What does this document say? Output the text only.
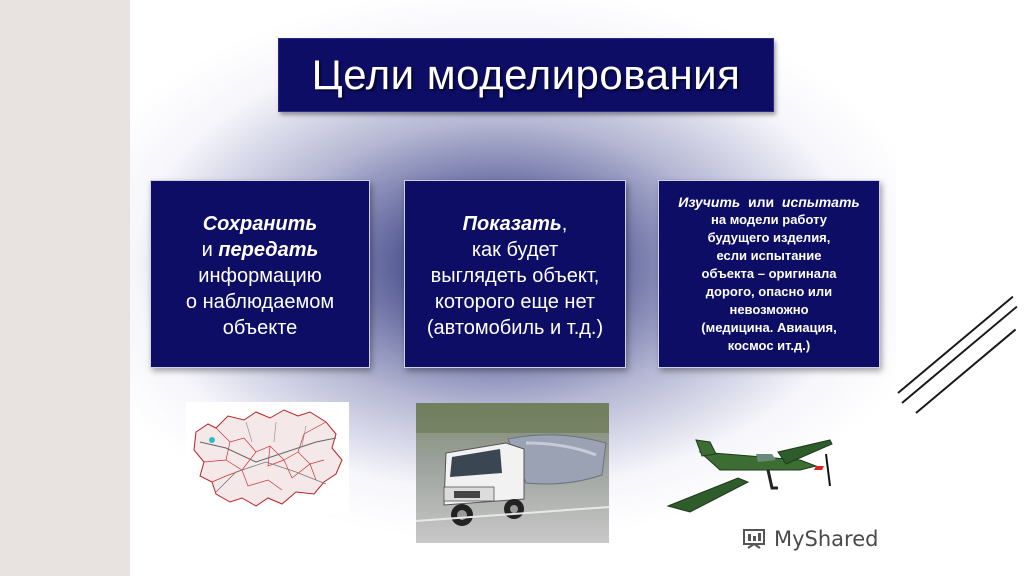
Цели моделирования
Сохранить
и передать
информацию
о наблюдаемом
объекте
Показать,
как будет
выглядеть объект,
которого еще нет
(автомобиль и т.д.)
Изучить  или  испытать
на модели работу
будущего изделия,
если испытание
объекта – оригинала
дорого, опасно или
невозможно
(медицина. Авиация,
космос ит.д.)
MyShared
